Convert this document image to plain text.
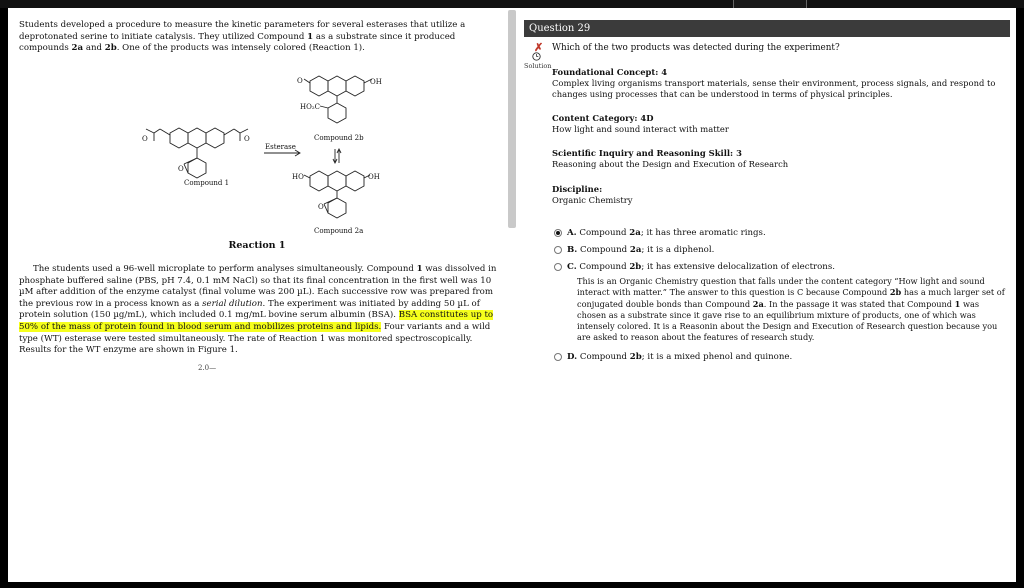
Students developed a procedure to measure the kinetic parameters for several esterases that utilize a deprotonated serine to initiate catalysis. They utilized Compound 1 as a substrate since it produced compounds 2a and 2b. One of the products was intensely colored (Reaction 1).

O	O
O
Compound 1
Esterase
O	OH
HO₂C
Compound 2b
HO	OH
O
Compound 2a
Reaction 1

The students used a 96-well microplate to perform analyses simultaneously. Compound 1 was dissolved in phosphate buffered saline (PBS, pH 7.4, 0.1 mM NaCl) so that its final concentration in the first well was 10 µM after addition of the enzyme catalyst (final volume was 200 µL). Each successive row was prepared from the previous row in a process known as a serial dilution. The experiment was initiated by adding 50 µL of protein solution (150 µg/mL), which included 0.1 mg/mL bovine serum albumin (BSA). BSA constitutes up to 50% of the mass of protein found in blood serum and mobilizes proteins and lipids. Four variants and a wild type (WT) esterase were tested simultaneously. The rate of Reaction 1 was monitored spectroscopically. Results for the WT enzyme are shown in Figure 1.

2.0—
Question 29
✗
Solution
Which of the two products was detected during the experiment?
Foundational Concept: 4
Complex living organisms transport materials, sense their environment, process signals, and respond to changes using processes that can be understood in terms of physical principles.
Content Category: 4D
How light and sound interact with matter
Scientific Inquiry and Reasoning Skill: 3
Reasoning about the Design and Execution of Research
Discipline:
Organic Chemistry
A. Compound 2a; it has three aromatic rings.
B. Compound 2a; it is a diphenol.
C. Compound 2b; it has extensive delocalization of electrons.

This is an Organic Chemistry question that falls under the content category “How light and sound interact with matter.” The answer to this question is C because Compound 2b has a much larger set of conjugated double bonds than Compound 2a. In the passage it was stated that Compound 1 was chosen as a substrate since it gave rise to an equilibrium mixture of products, one of which was intensely colored. It is a Reasonin about the Design and Execution of Research question because you are asked to reason about the features of research study.

D. Compound 2b; it is a mixed phenol and quinone.
